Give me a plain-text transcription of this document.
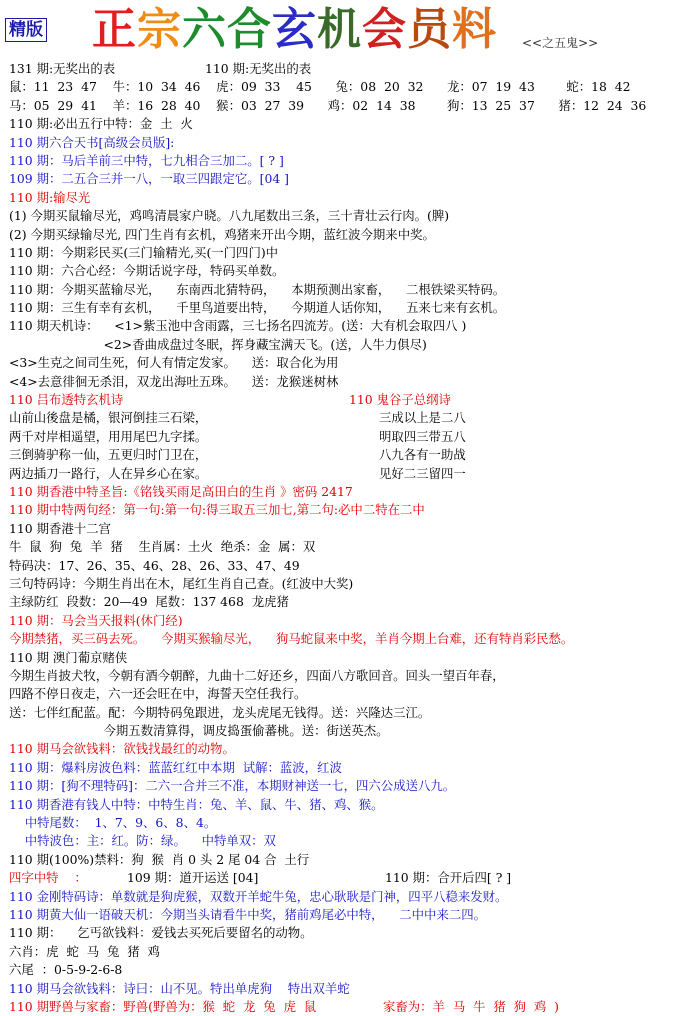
精版 正宗六合玄机会员料 <<之五鬼>>
131 期:无奖出的表	110 期:无奖出的表
鼠：11  23  47    牛：10  34  46    虎：09  33    45      兔：08  20  32      龙：07  19  43        蛇：18  42
马：05  29  41    羊：16  28  40    猴：03  27  39      鸡：02  14  38        狗：13  25  37      猪：12  24  36
110 期:必出五行中特：金  土  火
110 期六合天书[高级会员版]:
110 期：马后羊前三中特，七九相合三加二。[ ? ]
109 期：二五合三并一八，一取三四跟定它。[04 ]
110 期:输尽光
(1) 今期买鼠输尽光，鸡鸣清晨家户晓。八九尾数出三条，三十青壮云行肉。(脾)
(2) 今期买绿输尽光, 四门生肖有玄机，鸡猪来开出今期，蓝红波今期来中奖。
110 期：今期彩民买(三门输精光,买(一门四门)中
110 期：六合心经：今期话说字母，特码买单数。
110 期：今期买蓝输尽光，    东南西北猜特码，    本期预测出家畜，    二根铁梁买特码。
110 期：三生有幸有玄机，    千里鸟道要出特，    今期道人话你知，    五来七来有玄机。
110 期天机诗：    <1>紫玉池中含雨露，三七扬名四流芳。(送：大有机会取四八 )
<2>香曲成盘过冬眠，挥身藏宝满天飞。(送，人牛力俱尽)
<3>生克之间司生死，何人有情定发家。    送：取合化为用
<4>去意徘徊无杀泪，双龙出海吐五珠。    送：龙猴迷树林
110 吕布透特玄机诗	110 鬼谷子总纲诗
山前山後盘是橘，银河倒挂三石梁，	三成以上是二八
两千对岸相遥望，用用尾巴九字揉。	明取四三带五八
三倒骑驴称一仙，五更归时门卫在，	八九各有一助战
两边插刀一路行，人在异乡心在家。	见好二三留四一
110 期香港中特圣旨:《铭钱买雨足高田白的生肖 》密码 2417
110 期中特两句经：第一句:第一句:得三取五三加七,第二句:必中二特在二中
110 期香港十二宫
牛  鼠  狗  兔  羊  猪    生肖属：土火  绝杀：金  属：双
特码决：17、26、35、46、28、26、33、47、49
三句特码诗：今期生肖出在木，尾红生肖自己查。(红波中大奖)
主绿防红  段数：20—49  尾数：137 468  龙虎猪
110 期：马会当天报料(休门经)
今期禁猪，买三码去死。    今期买猴输尽光，    狗马蛇鼠来中奖，羊肖今期上台难，还有特肖彩民愁。
110 期 澳门葡京赌侠
今期生肖披犬牧，今朝有酒今朝醉，九曲十二好还乡，四面八方歌回音。回头一望百年春，
四路不停日夜走，六一还会旺在中，海誓天空任我行。
送：七伴红配蓝。配：今期特码兔跟进，龙头虎尾无钱得。送：兴隆达三江。
今期五数清算得，调皮捣蛋偷蕃桃。送：街送英杰。
110 期马会欲钱料：欲钱找最红的动物。
110 期：爆料房波色料：蓝蓝红红中本期  试解：蓝波，红波
110 期：[狗不理特码]：二六一合并三不准，本期财神送一七，四六公成送八九。
110 期香港有钱人中特：中特生肖：兔、羊、鼠、牛、猪、鸡、猴。
中特尾数：  1、7、9、6、8、4。
中特波色：主：红。防：绿。    中特单双：双
110 期(100%)禁料：狗  猴  肖 0 头 2 尾 04 合  土行
四字中特    ：	109 期：道开运送 [04]	110 期：合开后四[ ? ]
110 金刚特码诗：单数就是狗虎猴，双数开羊蛇牛兔，忠心耿耿是门神，四平八稳来发财。
110 期黄大仙一语破天机：今期当头请看牛中奖，猪前鸡尾必中特，    二中中来二四。
110 期：    乞丐欲钱料：爱钱去买死后要留名的动物。
六肖：虎  蛇  马  兔  猪  鸡
六尾  ：0-5-9-2-6-8
110 期马会欲钱料：诗曰：山不见。特出单虎狗    特出双羊蛇
110 期野兽与家畜：野兽(野兽为：猴  蛇  龙  兔  虎  鼠	家畜为：羊  马  牛  猪  狗  鸡  )
